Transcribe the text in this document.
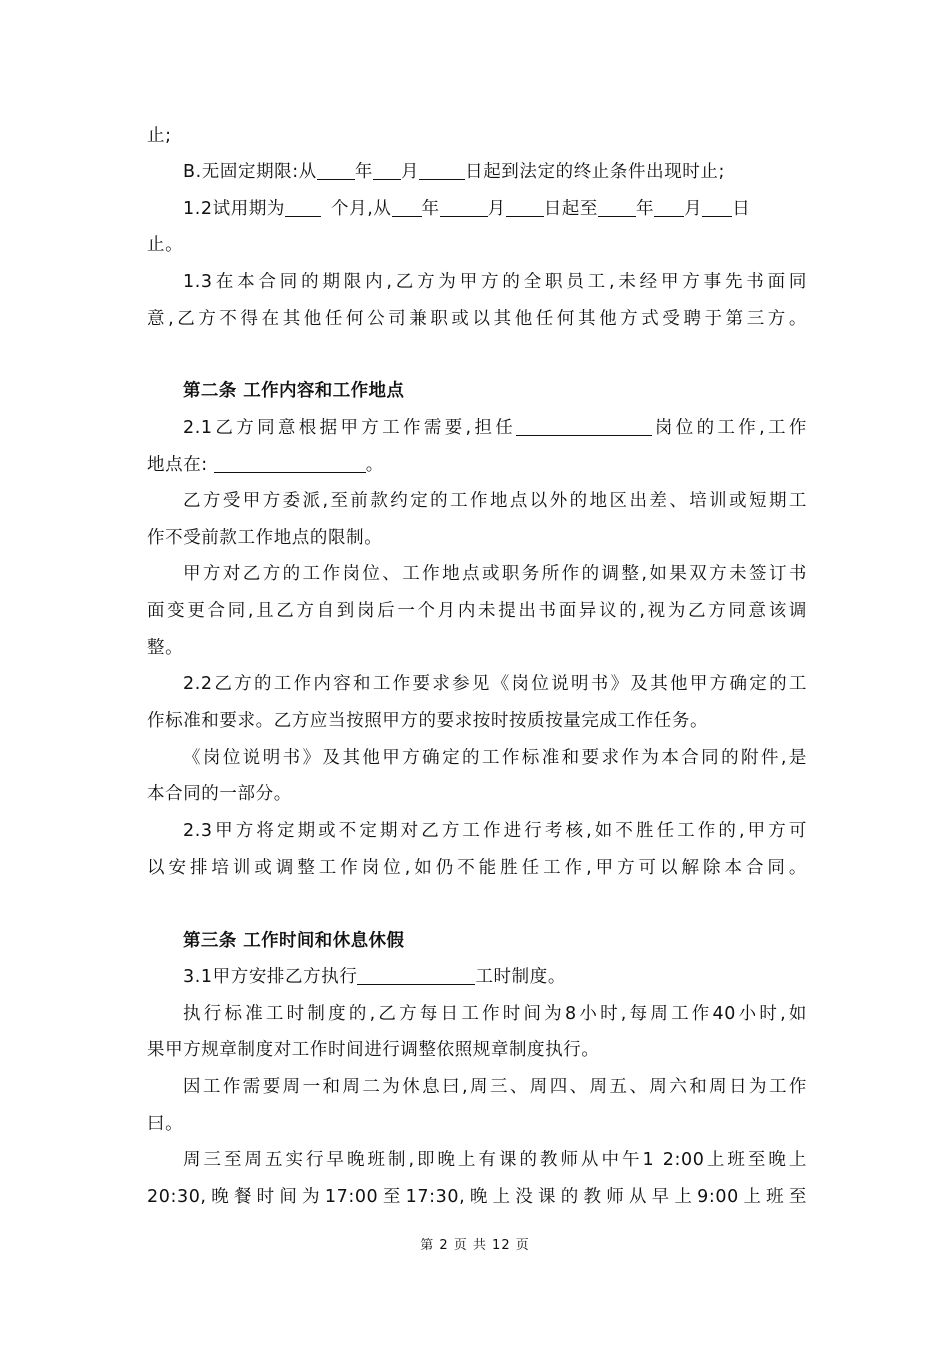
止;
B.无固定期限:从 年 月	日起到法定的终止条件出现时止;
1.2试用期为	个月,从 年	月 日起至 年 月 日
止。
1.3在本合同的期限内,乙方为甲方的全职员工,未经甲方事先书面同
意,乙方不得在其他任何公司兼职或以其他任何其他方式受聘于第三方。
第二条 工作内容和工作地点
2.1乙方同意根据甲方工作需要,担任	岗位的工作,工作
地点在:	。
乙方受甲方委派,至前款约定的工作地点以外的地区出差、培训或短期工
作不受前款工作地点的限制。
甲方对乙方的工作岗位、工作地点或职务所作的调整,如果双方未签订书
面变更合同,且乙方自到岗后一个月内未提出书面异议的,视为乙方同意该调
整。
2.2乙方的工作内容和工作要求参见《岗位说明书》及其他甲方确定的工
作标准和要求。乙方应当按照甲方的要求按时按质按量完成工作任务。
《岗位说明书》及其他甲方确定的工作标准和要求作为本合同的附件,是
本合同的一部分。
2.3甲方将定期或不定期对乙方工作进行考核,如不胜任工作的,甲方可
以安排培训或调整工作岗位,如仍不能胜任工作,甲方可以解除本合同。
第三条 工作时间和休息休假
3.1甲方安排乙方执行	工时制度。
执行标准工时制度的,乙方每日工作时间为8小时,每周工作40小时,如
果甲方规章制度对工作时间进行调整依照规章制度执行。
因工作需要周一和周二为休息曰,周三、周四、周五、周六和周日为工作
曰。
周三至周五实行早晚班制,即晚上有课的教师从中午1 2:00上班至晚上
20:30,晚餐时间为17:00至17:30,晚上没课的教师从早上9:00上班至
第 2 页 共 12 页
